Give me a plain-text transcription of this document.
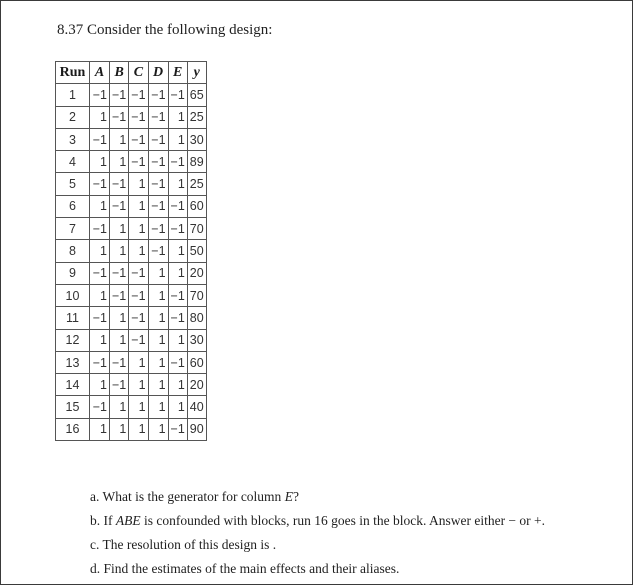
8.37 Consider the following design:
Run	A	B	C	D	E	y
1	−1	−1	−1	−1	−1	65
2	1	−1	−1	−1	1	25
3	−1	1	−1	−1	1	30
4	1	1	−1	−1	−1	89
5	−1	−1	1	−1	1	25
6	1	−1	1	−1	−1	60
7	−1	1	1	−1	−1	70
8	1	1	1	−1	1	50
9	−1	−1	−1	1	1	20
10	1	−1	−1	1	−1	70
11	−1	1	−1	1	−1	80
12	1	1	−1	1	1	30
13	−1	−1	1	1	−1	60
14	1	−1	1	1	1	20
15	−1	1	1	1	1	40
16	1	1	1	1	−1	90

a. What is the generator for column E?

b. If ABE is confounded with blocks, run 16 goes in the block. Answer either − or +.

c. The resolution of this design is .

d. Find the estimates of the main effects and their aliases.
